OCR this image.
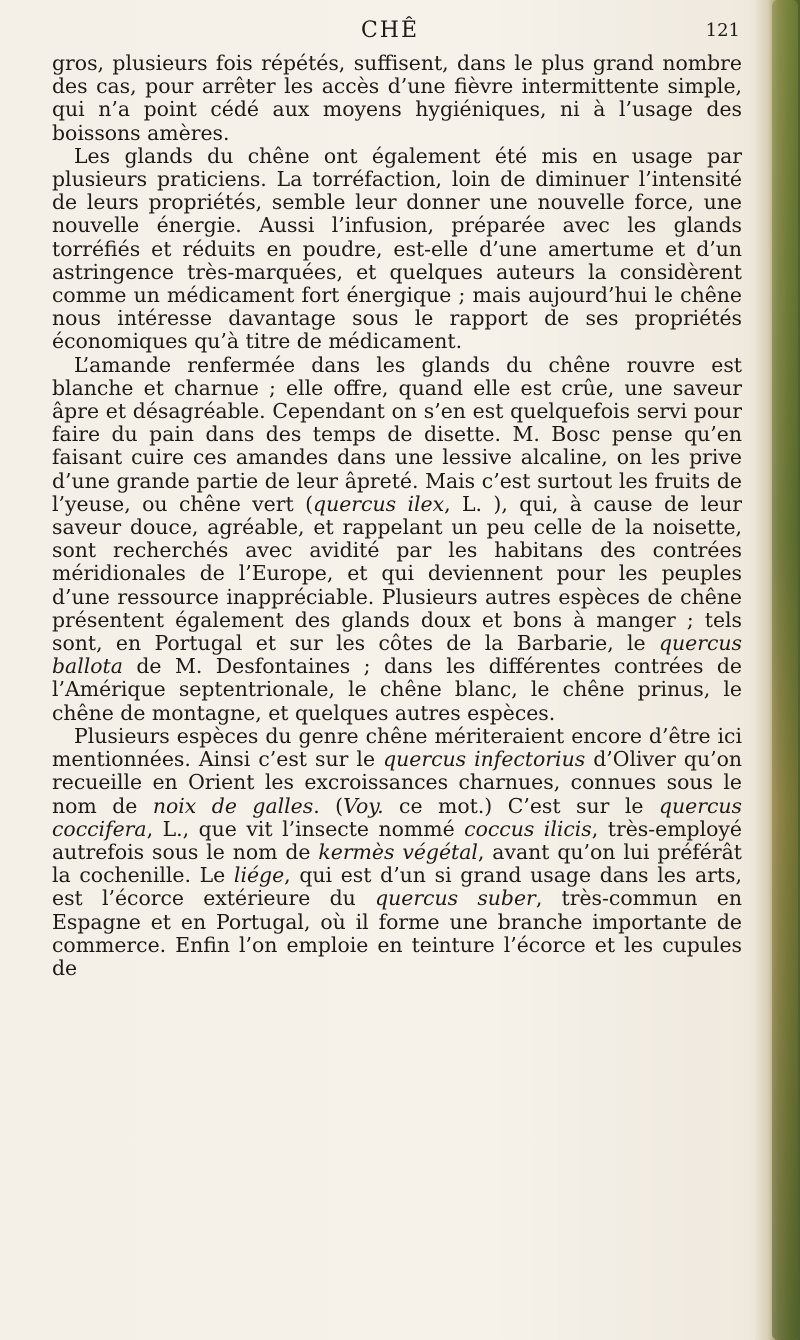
CHÊ	121

gros, plusieurs fois répétés, suffisent, dans le plus grand nombre des cas, pour arrêter les accès d’une fièvre intermittente simple, qui n’a point cédé aux moyens hygiéniques, ni à l’usage des boissons amères.

Les glands du chêne ont également été mis en usage par plusieurs praticiens. La torréfaction, loin de diminuer l’intensité de leurs propriétés, semble leur donner une nouvelle force, une nouvelle énergie. Aussi l’infusion, préparée avec les glands torréfiés et réduits en poudre, est-elle d’une amertume et d’un astringence très-marquées, et quelques auteurs la considèrent comme un médicament fort énergique ; mais aujourd’hui le chêne nous intéresse davantage sous le rapport de ses propriétés économiques qu’à titre de médicament.

L’amande renfermée dans les glands du chêne rouvre est blanche et charnue ; elle offre, quand elle est crûe, une saveur âpre et désagréable. Cependant on s’en est quelquefois servi pour faire du pain dans des temps de disette. M. Bosc pense qu’en faisant cuire ces amandes dans une lessive alcaline, on les prive d’une grande partie de leur âpreté. Mais c’est surtout les fruits de l’yeuse, ou chêne vert (quercus ilex, L. ), qui, à cause de leur saveur douce, agréable, et rappelant un peu celle de la noisette, sont recherchés avec avidité par les habitans des contrées méridionales de l’Europe, et qui deviennent pour les peuples d’une ressource inappréciable. Plusieurs autres espèces de chêne présentent également des glands doux et bons à manger ; tels sont, en Portugal et sur les côtes de la Barbarie, le quercus ballota de M. Desfontaines ; dans les différentes contrées de l’Amérique septentrionale, le chêne blanc, le chêne prinus, le chêne de montagne, et quelques autres espèces.

Plusieurs espèces du genre chêne mériteraient encore d’être ici mentionnées. Ainsi c’est sur le quercus infectorius d’Oliver qu’on recueille en Orient les excroissances charnues, connues sous le nom de noix de galles. (Voy. ce mot.) C’est sur le quercus coccifera, L., que vit l’insecte nommé coccus ilicis, très-employé autrefois sous le nom de kermès végétal, avant qu’on lui préférât la cochenille. Le liége, qui est d’un si grand usage dans les arts, est l’écorce extérieure du quercus suber, très-commun en Espagne et en Portugal, où il forme une branche importante de commerce. Enfin l’on emploie en teinture l’écorce et les cupules de
